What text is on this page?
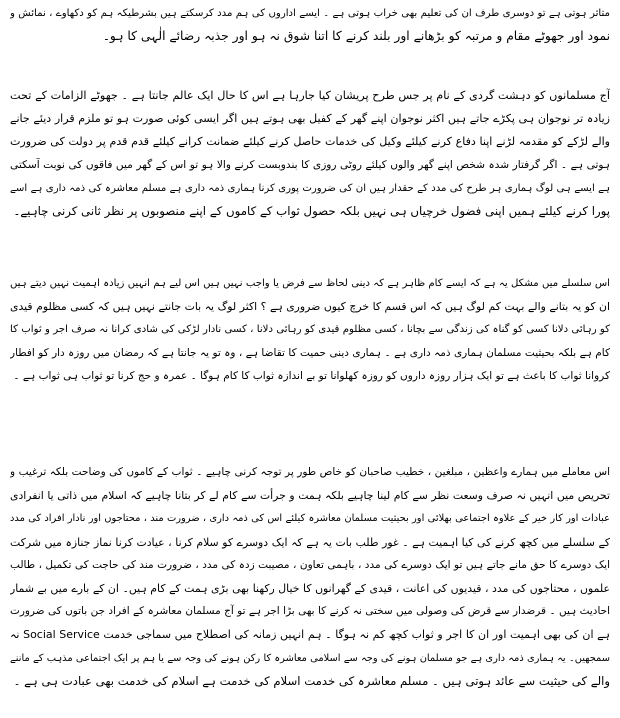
متاثر ہوتی ہے تو دوسری طرف ان کی تعلیم بھی خراب ہوتی ہے ۔ ایسے اداروں کی ہم مدد کرسکتے ہیں بشرطیکہ ہم کو دکھاوے ، نمائش و
نمود اور جھوٹے مقام و مرتبہ کو بڑھانے اور بلند کرنے کا اتنا شوق نہ ہو اور جذبہ رضائے الٰہی کا ہو۔
آج مسلمانوں کو دہشت گردی کے نام پر جس طرح پریشان کیا جارہا ہے اس کا حال ایک عالم جانتا ہے ۔ جھوٹے الزامات کے تحت
زیادہ تر نوجوان ہی پکڑے جاتے ہیں اکثر نوجوان اپنے گھر کے کفیل بھی ہوتے ہیں اگر ایسی کوئی صورت ہو تو ملزم قرار دیئے جانے
والے لڑکے کو مقدمہ لڑنے اپنا دفاع کرنے کیلئے وکیل کی خدمات حاصل کرنے کیلئے ضمانت کرانے کیلئے قدم قدم پر دولت کی ضرورت
ہوتی ہے ۔ اگر گرفتار شدہ شخص اپنے گھر والوں کیلئے روٹی روزی کا بندوبست کرنے والا ہو تو اس کے گھر میں فاقوں کی نوبت آسکتی
ہے ایسے ہی لوگ ہماری ہر طرح کی مدد کے حقدار ہیں ان کی ضرورت پوری کرنا ہماری ذمہ داری ہے مسلم معاشرہ کی ذمہ داری ہے اسے
پورا کرنے کیلئے ہمیں اپنی فضول خرچیاں ہی نہیں بلکہ حصول ثواب کے کاموں کے اپنے منصوبوں پر نظر ثانی کرنی چاہیے۔
اس سلسلے میں مشکل یہ ہے کہ ایسے کام ظاہر ہے کہ دینی لحاظ سے فرض یا واجب نہیں ہیں اس لیے ہم انہیں زیادہ اہمیت نہیں دیتے ہیں
ان کو یہ بتانے والے بہت کم لوگ ہیں کہ اس قسم کا خرچ کیوں ضروری ہے ؟ اکثر لوگ یہ بات جانتے نہیں ہیں کہ کسی مظلوم قیدی
کو رہائی دلانا کسی کو گناہ کی زندگی سے بچانا ، کسی مظلوم قیدی کو رہائی دلانا ، کسی نادار لڑکی کی شادی کرانا نہ صرف اجر و ثواب کا
کام ہے بلکہ بحیثیت مسلمان ہماری ذمہ داری ہے ۔ ہماری دینی حمیت کا تقاضا ہے ، وہ تو یہ جانتا ہے کہ رمضان میں روزہ دار کو افطار
کروانا ثواب کا باعث ہے تو ایک ہزار روزہ داروں کو روزہ کھلوانا تو بے اندازہ ثواب کا کام ہوگا ۔ عمرہ و حج کرنا تو ثواب ہی ثواب ہے ۔
اس معاملے میں ہمارے واعظین ، مبلغین ، خطیب صاحبان کو خاص طور پر توجہ کرنی چاہیے ۔ ثواب کے کاموں کی وضاحت بلکہ ترغیب و
تحریص میں انہیں نہ صرف وسعت نظر سے کام لینا چاہیے بلکہ ہمت و جرأت سے کام لے کر بتانا چاہیے کہ اسلام میں ذاتی یا انفرادی
عبادات اور کار خیر کے علاوہ اجتماعی بھلائی اور بحیثیت مسلمان معاشرہ کیلئے اس کی ذمہ داری ، ضرورت مند ، محتاجوں اور نادار افراد کی مدد
کے سلسلے میں کچھ کرنے کی کیا اہمیت ہے ۔ غور طلب بات یہ ہے کہ ایک دوسرے کو سلام کرنا ، عیادت کرنا نماز جنازہ میں شرکت
ایک دوسرے کا حق مانے جاتے ہیں تو ایک دوسرے کی مدد ، باہمی تعاون ، مصیبت زدہ کی مدد ، ضرورت مند کی حاجت کی تکمیل ، طالب
علموں ، محتاجوں کی مدد ، قیدیوں کی اعانت ، قیدی کے گھرانوں کا خیال رکھنا بھی بڑی ہمت کے کام ہیں۔ ان کے بارے میں بے شمار
احادیث ہیں ۔ قرضدار سے قرض کی وصولی میں سختی نہ کرنے کا بھی بڑا اجر ہے تو آج مسلمان معاشرہ کے افراد جن باتوں کی ضرورت
ہے ان کی بھی اہمیت اور ان کا اجر و ثواب کچھ کم نہ ہوگا ۔ ہم انہیں زمانہ کی اصطلاح میں سماجی خدمت Social Service نہ
سمجھیں۔ یہ ہماری ذمہ داری ہے جو مسلمان ہونے کی وجہ سے اسلامی معاشرہ کا رکن ہونے کی وجہ سے یا ہم پر ایک اجتماعی مذہب کے ماننے
والے کی حیثیت سے عائد ہوتی ہیں ۔ مسلم معاشرہ کی خدمت اسلام کی خدمت ہے اسلام کی خدمت بھی عبادت ہی ہے ۔
